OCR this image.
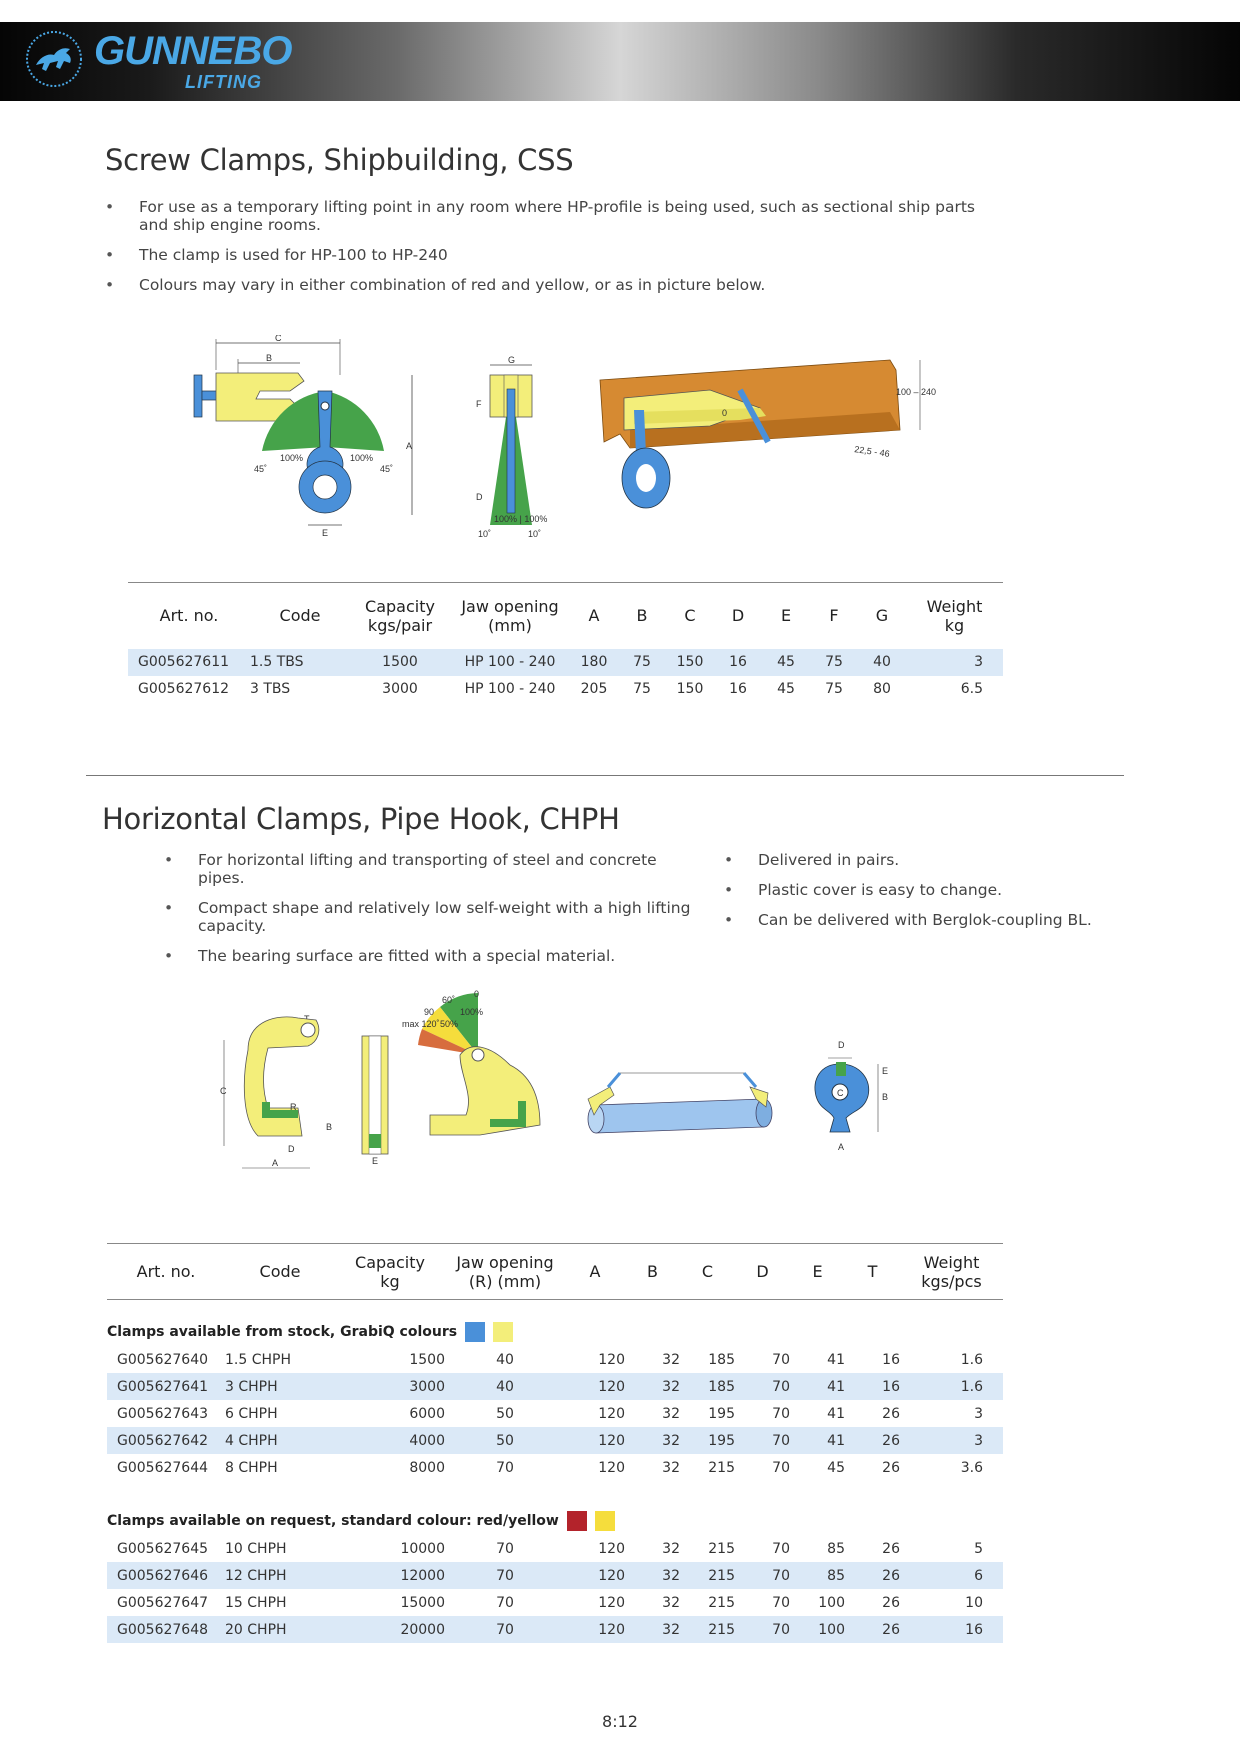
GUNNEBO
LIFTING
Screw Clamps, Shipbuilding, CSS
• For use as a temporary lifting point in any room where HP-profile is being used, such as sectional ship parts and ship engine rooms.
• The clamp is used for HP-100 to HP-240
• Colours may vary in either combination of red and yellow, or as in picture below.
C
B
100%	100%
45˚	45˚
A
E
G
F
D
100% | 100%
10˚	10˚
0
100 – 240
22,5 - 46
Art. no.	Code	Capacity
kgs/pair	Jaw opening
(mm)	A	B	C	D	E	F	G	Weight
kg
G005627611	1.5 TBS	1500	HP 100 - 240	180	75	150	16	45	75	40	3
G005627612	3 TBS	3000	HP 100 - 240	205	75	150	16	45	75	80	6.5
Horizontal Clamps, Pipe Hook, CHPH
• For horizontal lifting and transporting of steel and concrete pipes.
• Compact shape and relatively low self-weight with a high lifting capacity.
• The bearing surface are fitted with a special material.
• Delivered in pairs.
• Plastic cover is easy to change.
• Can be delivered with Berglok-coupling BL.
C
R
B
D
A	E
0
60˚
90
max 120˚
100%
50%
D
C
E
B
A
Art. no.	Code	Capacity
kg	Jaw opening
(R) (mm)	A	B	C	D	E	T	Weight
kgs/pcs
Clamps available from stock, GrabiQ colours										
G005627640	1.5 CHPH	1500	40	120	32	185	70	41	16	1.6
G005627641	3 CHPH	3000	40	120	32	185	70	41	16	1.6
G005627643	6 CHPH	6000	50	120	32	195	70	41	26	3
G005627642	4 CHPH	4000	50	120	32	195	70	41	26	3
G005627644	8 CHPH	8000	70	120	32	215	70	45	26	3.6

Clamps available on request, standard colour: red/yellow										
G005627645	10 CHPH	10000	70	120	32	215	70	85	26	5
G005627646	12 CHPH	12000	70	120	32	215	70	85	26	6
G005627647	15 CHPH	15000	70	120	32	215	70	100	26	10
G005627648	20 CHPH	20000	70	120	32	215	70	100	26	16
8:12
